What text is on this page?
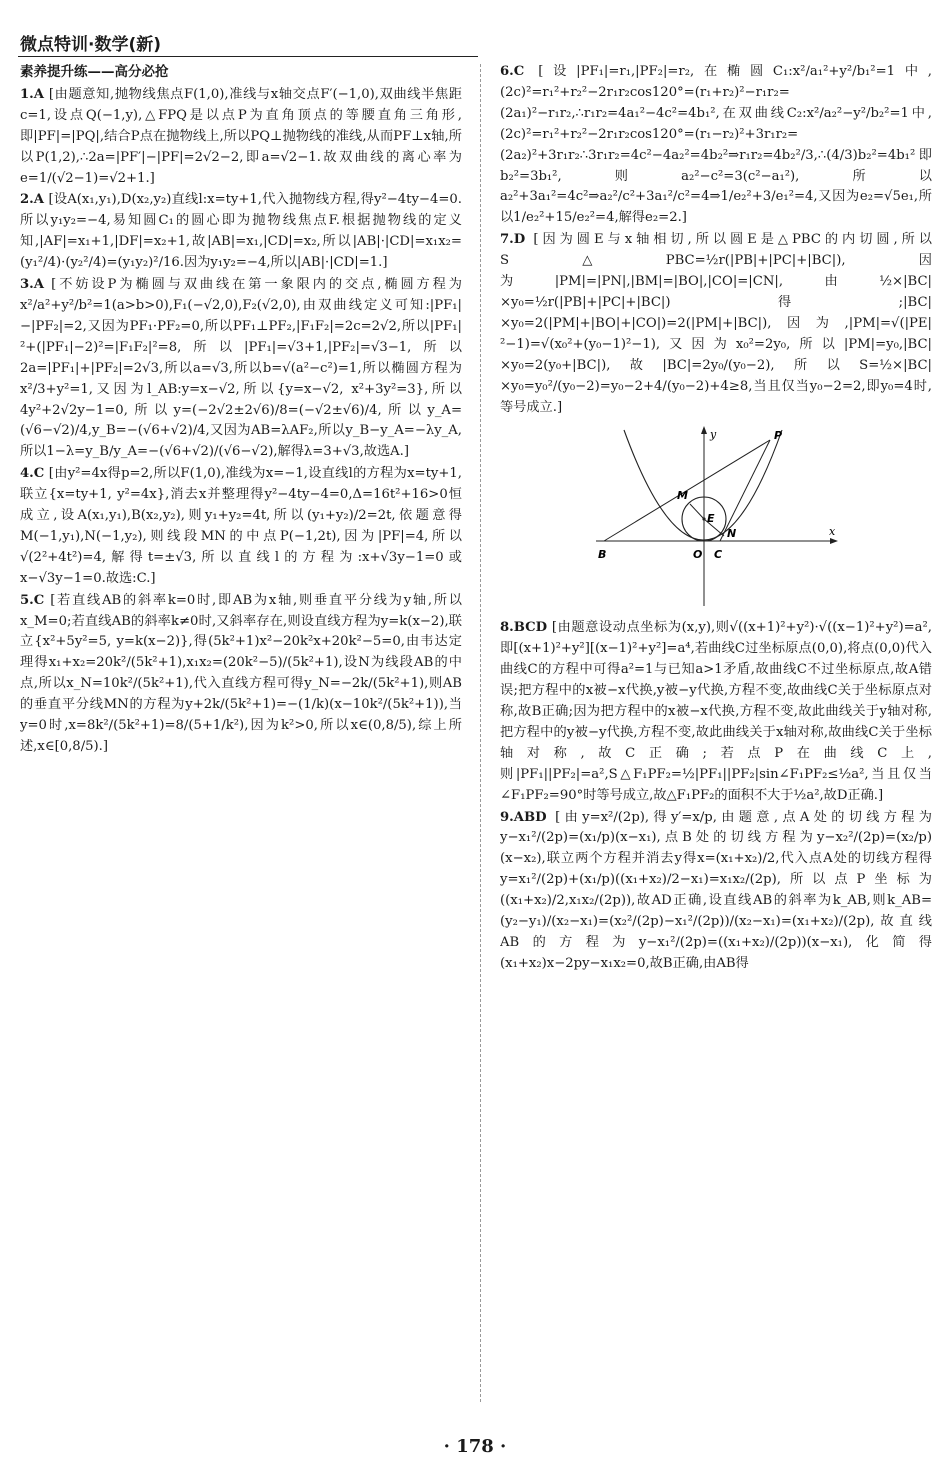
微点特训·数学(新)
素养提升练——高分必抢

1.A [由题意知,抛物线焦点F(1,0),准线与x轴交点F′(−1,0),双曲线半焦距c=1,设点Q(−1,y),△FPQ是以点P为直角顶点的等腰直角三角形,即|PF|=|PQ|,结合P点在抛物线上,所以PQ⊥抛物线的准线,从而PF⊥x轴,所以P(1,2),∴2a=|PF′|−|PF|=2√2−2,即a=√2−1.故双曲线的离心率为e=1/(√2−1)=√2+1.]

2.A [设A(x₁,y₁),D(x₂,y₂)直线l:x=ty+1,代入抛物线方程,得y²−4ty−4=0.所以y₁y₂=−4,易知圆C₁的圆心即为抛物线焦点F.根据抛物线的定义知,|AF|=x₁+1,|DF|=x₂+1,故|AB|=x₁,|CD|=x₂,所以|AB|·|CD|=x₁x₂=(y₁²/4)·(y₂²/4)=(y₁y₂)²/16.因为y₁y₂=−4,所以|AB|·|CD|=1.]

3.A [不妨设P为椭圆与双曲线在第一象限内的交点,椭圆方程为x²/a²+y²/b²=1(a>b>0),F₁(−√2,0),F₂(√2,0),由双曲线定义可知:|PF₁|−|PF₂|=2,又因为PF₁·PF₂=0,所以PF₁⊥PF₂,|F₁F₂|=2c=2√2,所以|PF₁|²+(|PF₁|−2)²=|F₁F₂|²=8,所以|PF₁|=√3+1,|PF₂|=√3−1,所以2a=|PF₁|+|PF₂|=2√3,所以a=√3,所以b=√(a²−c²)=1,所以椭圆方程为x²/3+y²=1,又因为l_AB:y=x−√2,所以{y=x−√2, x²+3y²=3},所以4y²+2√2y−1=0,所以y=(−2√2±2√6)/8=(−√2±√6)/4,所以y_A=(√6−√2)/4,y_B=−(√6+√2)/4,又因为AB=λAF₂,所以y_B−y_A=−λy_A,所以1−λ=y_B/y_A=−(√6+√2)/(√6−√2),解得λ=3+√3,故选A.]

4.C [由y²=4x得p=2,所以F(1,0),准线为x=−1,设直线l的方程为x=ty+1,联立{x=ty+1, y²=4x},消去x并整理得y²−4ty−4=0,Δ=16t²+16>0恒成立,设A(x₁,y₁),B(x₂,y₂),则y₁+y₂=4t,所以(y₁+y₂)/2=2t,依题意得M(−1,y₁),N(−1,y₂),则线段MN的中点P(−1,2t),因为|PF|=4,所以√(2²+4t²)=4,解得t=±√3,所以直线l的方程为:x+√3y−1=0或x−√3y−1=0.故选:C.]

5.C [若直线AB的斜率k=0时,即AB为x轴,则垂直平分线为y轴,所以x_M=0;若直线AB的斜率k≠0时,又斜率存在,则设直线方程为y=k(x−2),联立{x²+5y²=5, y=k(x−2)},得(5k²+1)x²−20k²x+20k²−5=0,由韦达定理得x₁+x₂=20k²/(5k²+1),x₁x₂=(20k²−5)/(5k²+1),设N为线段AB的中点,所以x_N=10k²/(5k²+1),代入直线方程可得y_N=−2k/(5k²+1),则AB的垂直平分线MN的方程为y+2k/(5k²+1)=−(1/k)(x−10k²/(5k²+1)),当y=0时,x=8k²/(5k²+1)=8/(5+1/k²),因为k²>0,所以x∈(0,8/5),综上所述,x∈[0,8/5).]

6.C [设|PF₁|=r₁,|PF₂|=r₂,在椭圆C₁:x²/a₁²+y²/b₁²=1中,(2c)²=r₁²+r₂²−2r₁r₂cos120°=(r₁+r₂)²−r₁r₂=(2a₁)²−r₁r₂,∴r₁r₂=4a₁²−4c²=4b₁²,在双曲线C₂:x²/a₂²−y²/b₂²=1中,(2c)²=r₁²+r₂²−2r₁r₂cos120°=(r₁−r₂)²+3r₁r₂=(2a₂)²+3r₁r₂∴3r₁r₂=4c²−4a₂²=4b₂²⇒r₁r₂=4b₂²/3,∴(4/3)b₂²=4b₁²即b₂²=3b₁²,则a₂²−c²=3(c²−a₁²),所以a₂²+3a₁²=4c²⇒a₂²/c²+3a₁²/c²=4⇒1/e₂²+3/e₁²=4,又因为e₂=√5e₁,所以1/e₂²+15/e₂²=4,解得e₂=2.]

7.D [因为圆E与x轴相切,所以圆E是△PBC的内切圆,所以S△PBC=½r(|PB|+|PC|+|BC|),因为|PM|=|PN|,|BM|=|BO|,|CO|=|CN|,由½×|BC|×y₀=½r(|PB|+|PC|+|BC|)得;|BC|×y₀=2(|PM|+|BO|+|CO|)=2(|PM|+|BC|),因为,|PM|=√(|PE|²−1)=√(x₀²+(y₀−1)²−1),又因为x₀²=2y₀,所以|PM|=y₀,|BC|×y₀=2(y₀+|BC|),故|BC|=2y₀/(y₀−2),所以S=½×|BC|×y₀=y₀²/(y₀−2)=y₀−2+4/(y₀−2)+4≥8,当且仅当y₀−2=2,即y₀=4时,等号成立.]

y
x
P
M
E
N
B	O C

8.BCD [由题意设动点坐标为(x,y),则√((x+1)²+y²)·√((x−1)²+y²)=a²,即[(x+1)²+y²][(x−1)²+y²]=a⁴,若曲线C过坐标原点(0,0),将点(0,0)代入曲线C的方程中可得a²=1与已知a>1矛盾,故曲线C不过坐标原点,故A错误;把方程中的x被−x代换,y被−y代换,方程不变,故曲线C关于坐标原点对称,故B正确;因为把方程中的x被−x代换,方程不变,故此曲线关于y轴对称,把方程中的y被−y代换,方程不变,故此曲线关于x轴对称,故曲线C关于坐标轴对称,故C正确;若点P在曲线C上,则|PF₁||PF₂|=a²,S△F₁PF₂=½|PF₁||PF₂|sin∠F₁PF₂≤½a²,当且仅当∠F₁PF₂=90°时等号成立,故△F₁PF₂的面积不大于½a²,故D正确.]

9.ABD [由y=x²/(2p),得y′=x/p,由题意,点A处的切线方程为y−x₁²/(2p)=(x₁/p)(x−x₁),点B处的切线方程为y−x₂²/(2p)=(x₂/p)(x−x₂),联立两个方程并消去y得x=(x₁+x₂)/2,代入点A处的切线方程得y=x₁²/(2p)+(x₁/p)((x₁+x₂)/2−x₁)=x₁x₂/(2p),所以点P坐标为((x₁+x₂)/2,x₁x₂/(2p)),故AD正确,设直线AB的斜率为k_AB,则k_AB=(y₂−y₁)/(x₂−x₁)=(x₂²/(2p)−x₁²/(2p))/(x₂−x₁)=(x₁+x₂)/(2p),故直线AB的方程为y−x₁²/(2p)=((x₁+x₂)/(2p))(x−x₁),化简得(x₁+x₂)x−2py−x₁x₂=0,故B正确,由AB得

· 178 ·
